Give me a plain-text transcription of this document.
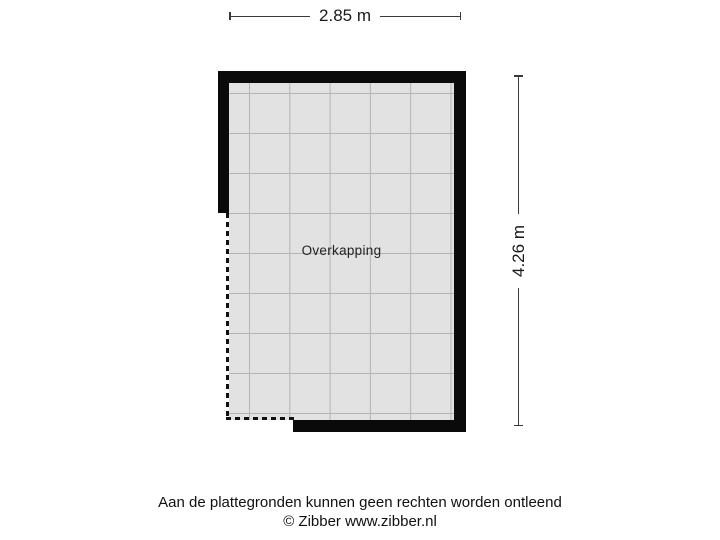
2.85 m
Overkapping	4.26 m
Aan de plattegronden kunnen geen rechten worden ontleend
© Zibber www.zibber.nl
